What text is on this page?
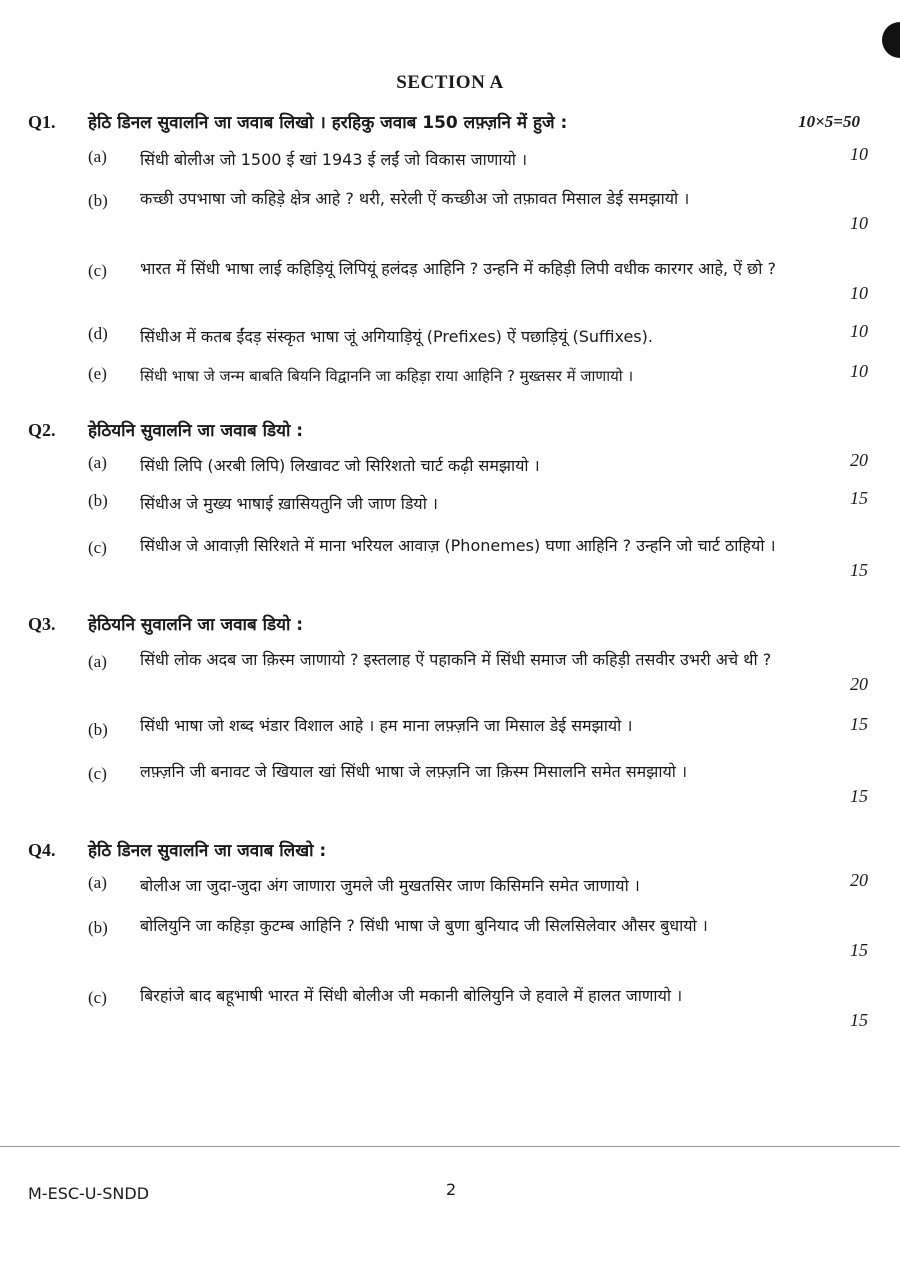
SECTION A
Q1. हेठि डिनल सुवालनि जा जवाब लिखो । हरहिकु जवाब 150 लफ़्ज़नि में हुजे :	10×5=50
(a) सिंधी बोलीअ जो 1500 ई खां 1943 ई लईं जो विकास जाणायो ।	10
(b) कच्छी उपभाषा जो कहिड़े क्षेत्र आहे ? थरी, सरेली ऐं कच्छीअ जो तफ़ावत मिसाल डेई समझायो ।
10
(c) भारत में सिंधी भाषा लाई कहिड़ियूं लिपियूं हलंदड़ आहिनि ? उन्हनि में कहिड़ी लिपी वधीक कारगर आहे, ऐं छो ?
10
(d) सिंधीअ में कतब ईंदड़ संस्कृत भाषा जूं अगियाड़ियूं (Prefixes) ऐं पछाड़ियूं (Suffixes).	10
(e) सिंधी भाषा जे जन्म बाबति बियनि विद्वाननि जा कहिड़ा राया आहिनि ? मुख्तसर में जाणायो ।	10
Q2. हेठियनि सुवालनि जा जवाब डियो :
(a) सिंधी लिपि (अरबी लिपि) लिखावट जो सिरिशतो चार्ट कढ़ी समझायो ।	20
(b) सिंधीअ जे मुख्य भाषाई ख़ासियतुनि जी जाण डियो ।	15
(c) सिंधीअ जे आवाज़ी सिरिशते में माना भरियल आवाज़ (Phonemes) घणा आहिनि ? उन्हनि जो चार्ट ठाहियो ।
15
Q3. हेठियनि सुवालनि जा जवाब डियो :
(a) सिंधी लोक अदब जा क़िस्म जाणायो ? इस्तलाह ऐं पहाकनि में सिंधी समाज जी कहिड़ी तसवीर उभरी अचे थी ?
20
(b) सिंधी भाषा जो शब्द भंडार विशाल आहे । हम माना लफ़्ज़नि जा मिसाल डेई समझायो ।	15
(c) लफ़्ज़नि जी बनावट जे खियाल खां सिंधी भाषा जे लफ़्ज़नि जा क़िस्म मिसालनि समेत समझायो ।
15
Q4. हेठि डिनल सुवालनि जा जवाब लिखो :
(a) बोलीअ जा जुदा-जुदा अंग जाणारा जुमले जी मुखतसिर जाण किसिमनि समेत जाणायो ।	20
(b) बोलियुनि जा कहिड़ा कुटम्ब आहिनि ? सिंधी भाषा जे बुणा बुनियाद जी सिलसिलेवार औसर बुधायो ।
15
(c) बिरहांजे बाद बहूभाषी भारत में सिंधी बोलीअ जी मकानी बोलियुनि जे हवाले में हालत जाणायो ।
15
M-ESC-U-SNDD	2
